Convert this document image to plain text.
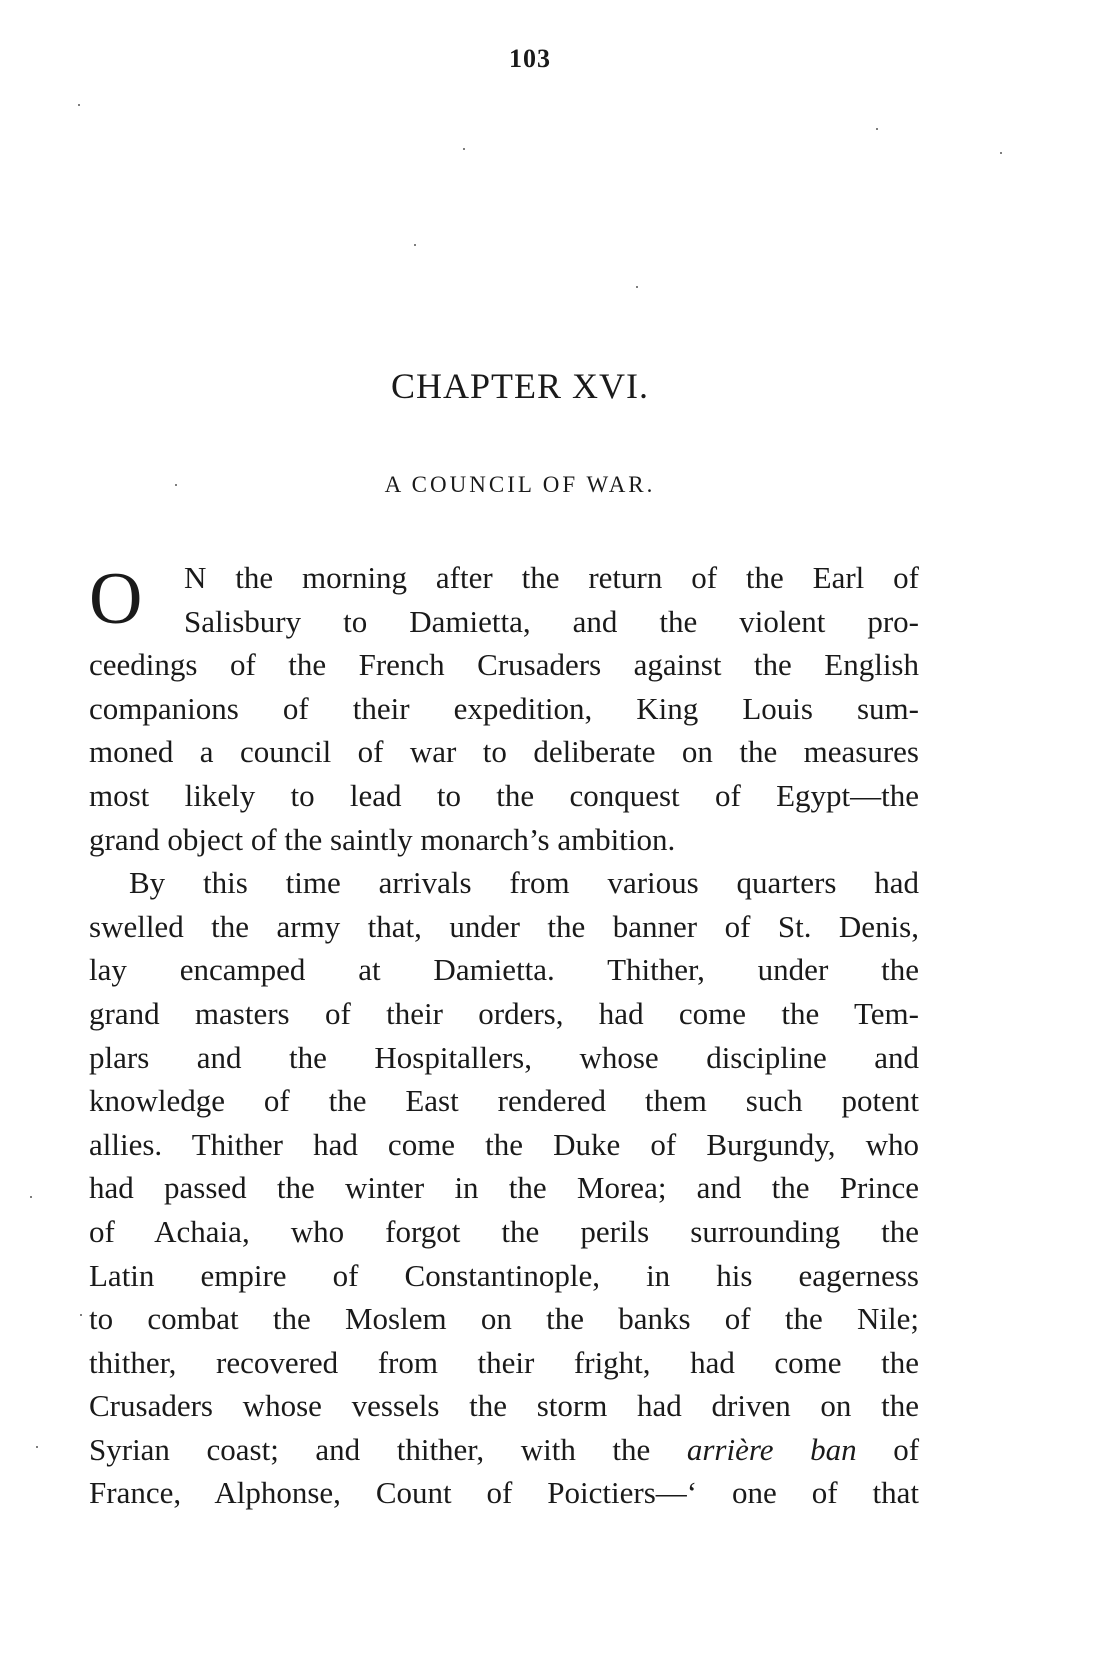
103
CHAPTER XVI.
A COUNCIL OF WAR.
O	N the morning after the return of the Earl of
Salisbury to Damietta, and the violent pro-
ceedings of the French Crusaders against the English
companions of their expedition, King Louis sum-
moned a council of war to deliberate on the measures
most likely to lead to the conquest of Egypt—the
grand object of the saintly monarch’s ambition.
By this time arrivals from various quarters had
swelled the army that, under the banner of St. Denis,
lay encamped at Damietta. Thither, under the
grand masters of their orders, had come the Tem-
plars and the Hospitallers, whose discipline and
knowledge of the East rendered them such potent
allies. Thither had come the Duke of Burgundy, who
had passed the winter in the Morea; and the Prince
of Achaia, who forgot the perils surrounding the
Latin empire of Constantinople, in his eagerness
to combat the Moslem on the banks of the Nile;
thither, recovered from their fright, had come the
Crusaders whose vessels the storm had driven on the
Syrian coast; and thither, with the arrière ban of
France, Alphonse, Count of Poictiers—‘ one of that
